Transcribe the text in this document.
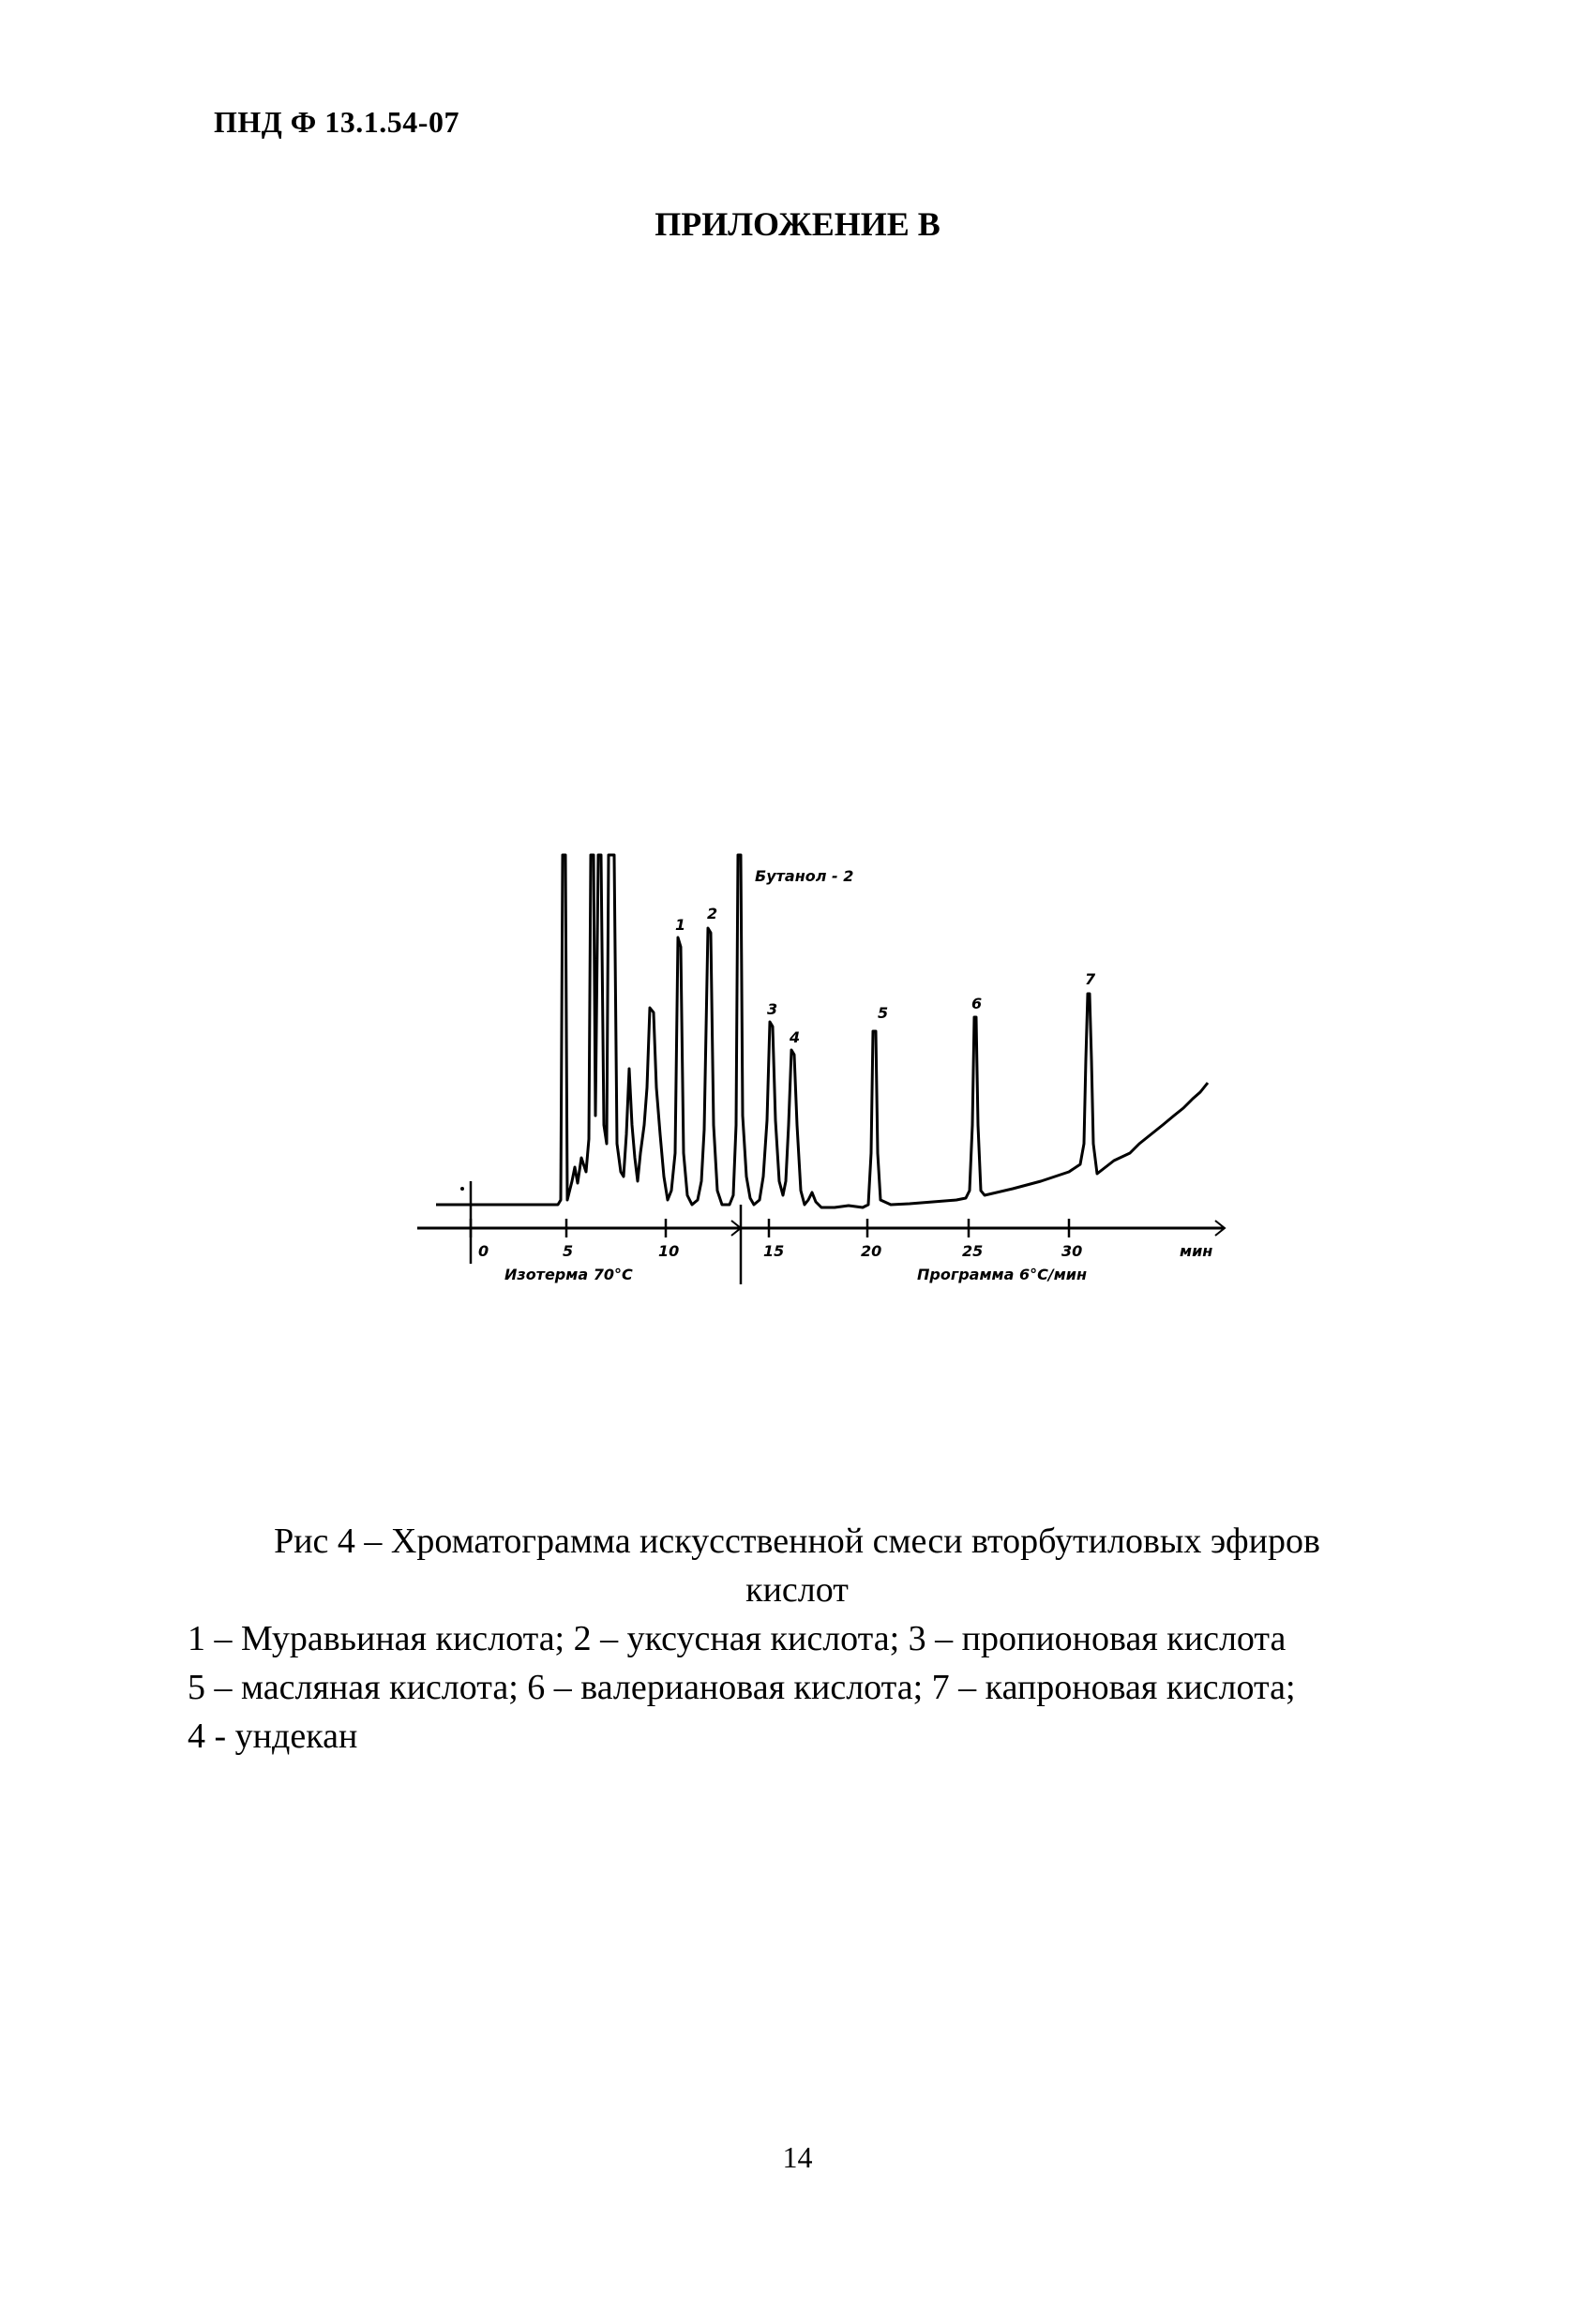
ПНД Ф 13.1.54-07
ПРИЛОЖЕНИЕ В
0	5	10	15	20	25	30	мин
Изотерма 70°С	Программа 6°С/мин
1
2
Бутанол - 2
3
4
5
6
7
Рис 4 – Хроматограмма искусственной смеси вторбутиловых эфиров
кислот
1 – Муравьиная кислота; 2 – уксусная кислота; 3 – пропионовая кислота
5 – масляная кислота; 6 – валериановая кислота; 7 – капроновая кислота;
4 - ундекан
14
